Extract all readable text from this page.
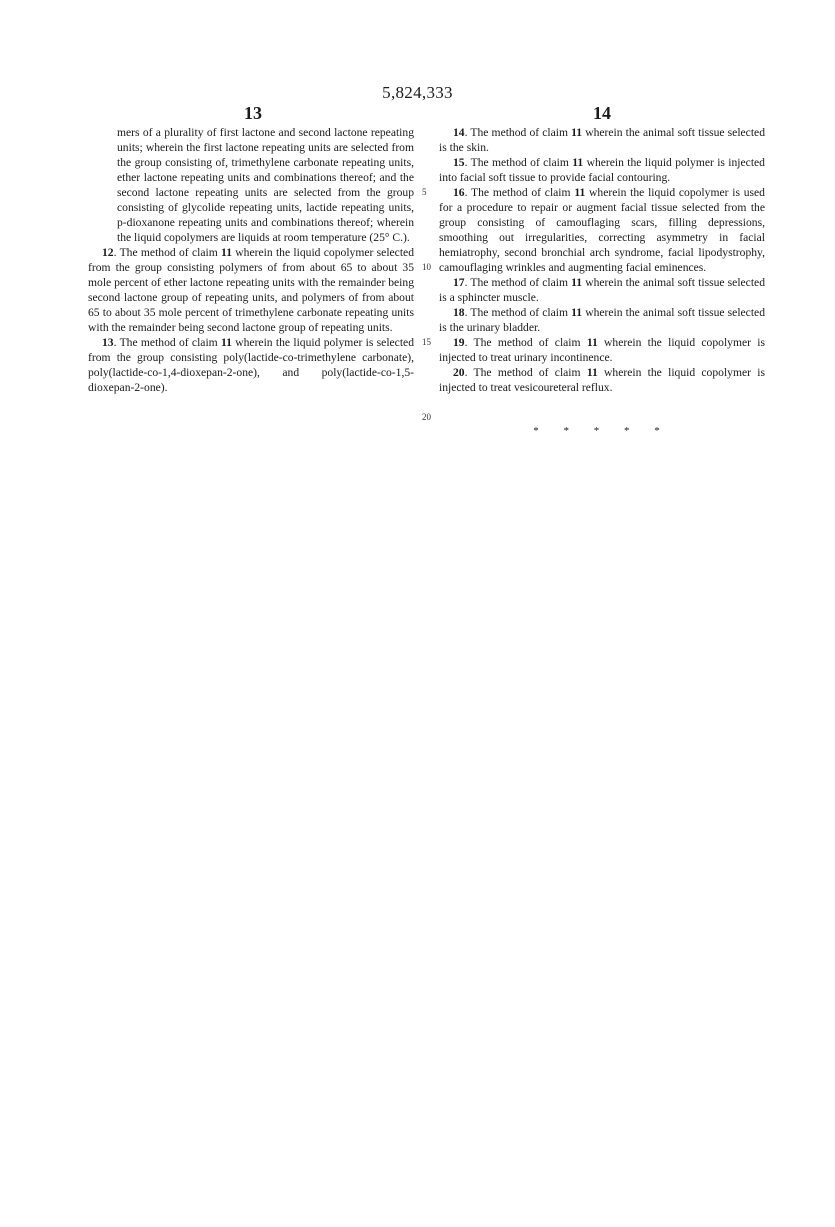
5,824,333
13	14

mers of a plurality of first lactone and second lactone repeating units; wherein the first lactone repeating units are selected from the group consisting of, trimethylene carbonate repeating units, ether lactone repeating units and combinations thereof; and the second lactone repeating units are selected from the group consisting of glycolide repeating units, lactide repeating units, p-dioxanone repeating units and combinations thereof; wherein the liquid copolymers are liquids at room temperature (25° C.).

12. The method of claim 11 wherein the liquid copolymer selected from the group consisting polymers of from about 65 to about 35 mole percent of ether lactone repeating units with the remainder being second lactone group of repeating units, and polymers of from about 65 to about 35 mole percent of trimethylene carbonate repeating units with the remainder being second lactone group of repeating units.

13. The method of claim 11 wherein the liquid polymer is selected from the group consisting poly(lactide-co-trimethylene carbonate), poly(lactide-co-1,4-dioxepan-2-one), and poly(lactide-co-1,5-dioxepan-2-one).

5
10
15
20

14. The method of claim 11 wherein the animal soft tissue selected is the skin.

15. The method of claim 11 wherein the liquid polymer is injected into facial soft tissue to provide facial contouring.

16. The method of claim 11 wherein the liquid copolymer is used for a procedure to repair or augment facial tissue selected from the group consisting of camouflaging scars, filling depressions, smoothing out irregularities, correcting asymmetry in facial hemiatrophy, second bronchial arch syndrome, facial lipodystrophy, camouflaging wrinkles and augmenting facial eminences.

17. The method of claim 11 wherein the animal soft tissue selected is a sphincter muscle.

18. The method of claim 11 wherein the animal soft tissue selected is the urinary bladder.

19. The method of claim 11 wherein the liquid copolymer is injected to treat urinary incontinence.

20. The method of claim 11 wherein the liquid copolymer is injected to treat vesicoureteral reflux.

* * * * *
